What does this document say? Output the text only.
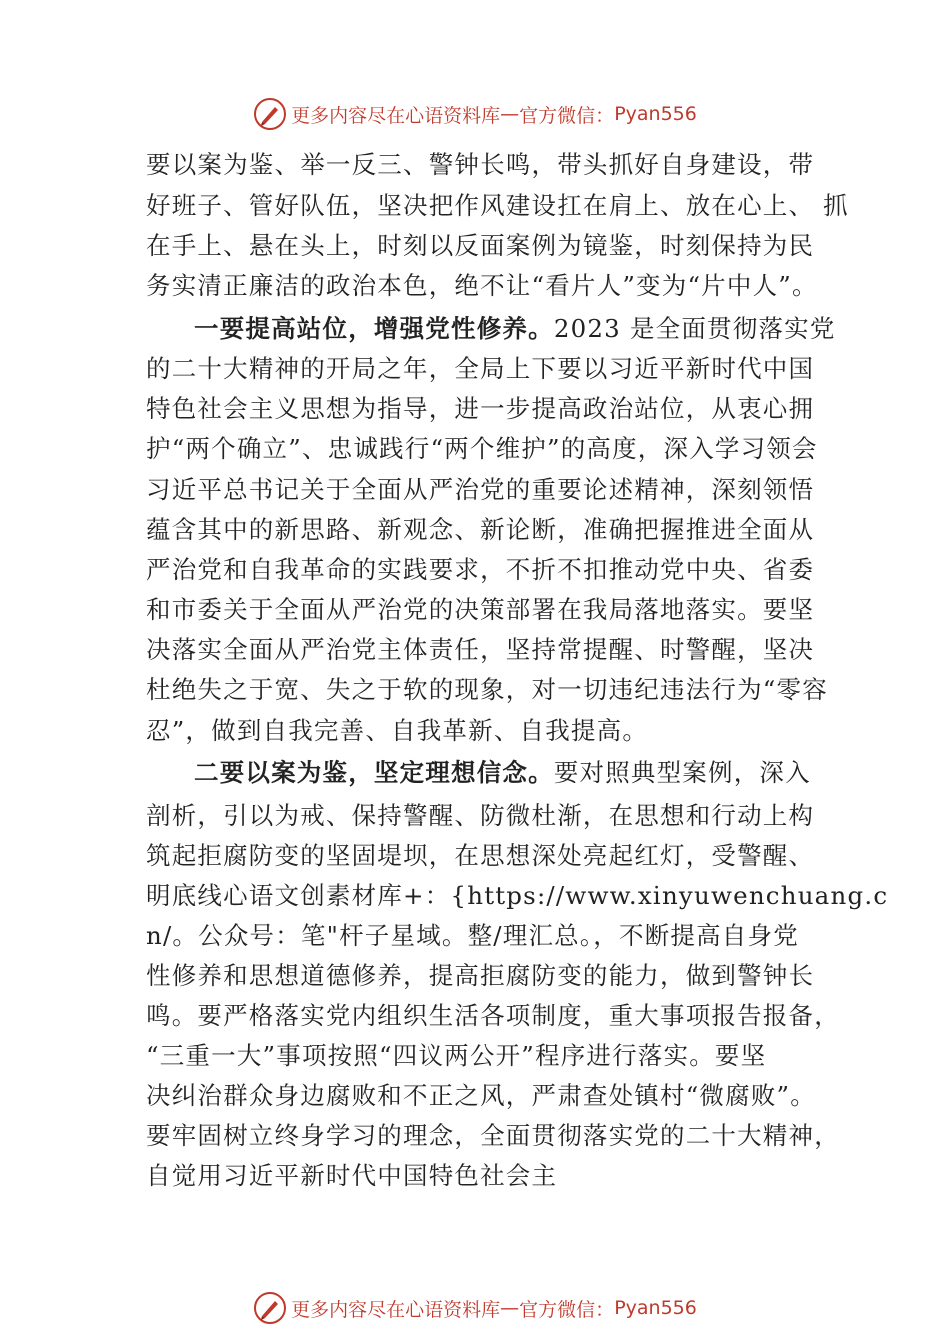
更多内容尽在心语资料库 — 官方微信： Pyan556
要以案为鉴、举一反三、警钟长鸣，带头抓好自身建设，带
好班子、管好队伍，坚决把作风建设扛在肩上、放在心上、 抓
在手上、悬在头上，时刻以反面案例为镜鉴，时刻保持为民
务实清正廉洁的政治本色，绝不让“看片人”变为“片中人”。
一要提高站位，增强党性修养。2023 是全面贯彻落实党
的二十大精神的开局之年，全局上下要以习近平新时代中国
特色社会主义思想为指导，进一步提高政治站位，从衷心拥
护“两个确立”、忠诚践行“两个维护”的高度，深入学习领会
习近平总书记关于全面从严治党的重要论述精神，深刻领悟
蕴含其中的新思路、新观念、新论断，准确把握推进全面从
严治党和自我革命的实践要求，不折不扣推动党中央、省委
和市委关于全面从严治党的决策部署在我局落地落实。要坚
决落实全面从严治党主体责任，坚持常提醒、时警醒，坚决
杜绝失之于宽、失之于软的现象，对一切违纪违法行为“零容
忍”，做到自我完善、自我革新、自我提高。
二要以案为鉴，坚定理想信念。要对照典型案例，深入
剖析，引以为戒、保持警醒、防微杜渐，在思想和行动上构
筑起拒腐防变的坚固堤坝，在思想深处亮起红灯，受警醒、
明底线心语文创素材库+：{https://www.xinyuwenchuang.c
n/。公众号：笔"杆子星域。整/理汇总。，不断提高自身党
性修养和思想道德修养，提高拒腐防变的能力，做到警钟长
鸣。要严格落实党内组织生活各项制度，重大事项报告报备，
“三重一大”事项按照“四议两公开”程序进行落实。要坚
决纠治群众身边腐败和不正之风，严肃查处镇村“微腐败”。
要牢固树立终身学习的理念，全面贯彻落实党的二十大精神，
自觉用习近平新时代中国特色社会主
更多内容尽在心语资料库 — 官方微信： Pyan556
